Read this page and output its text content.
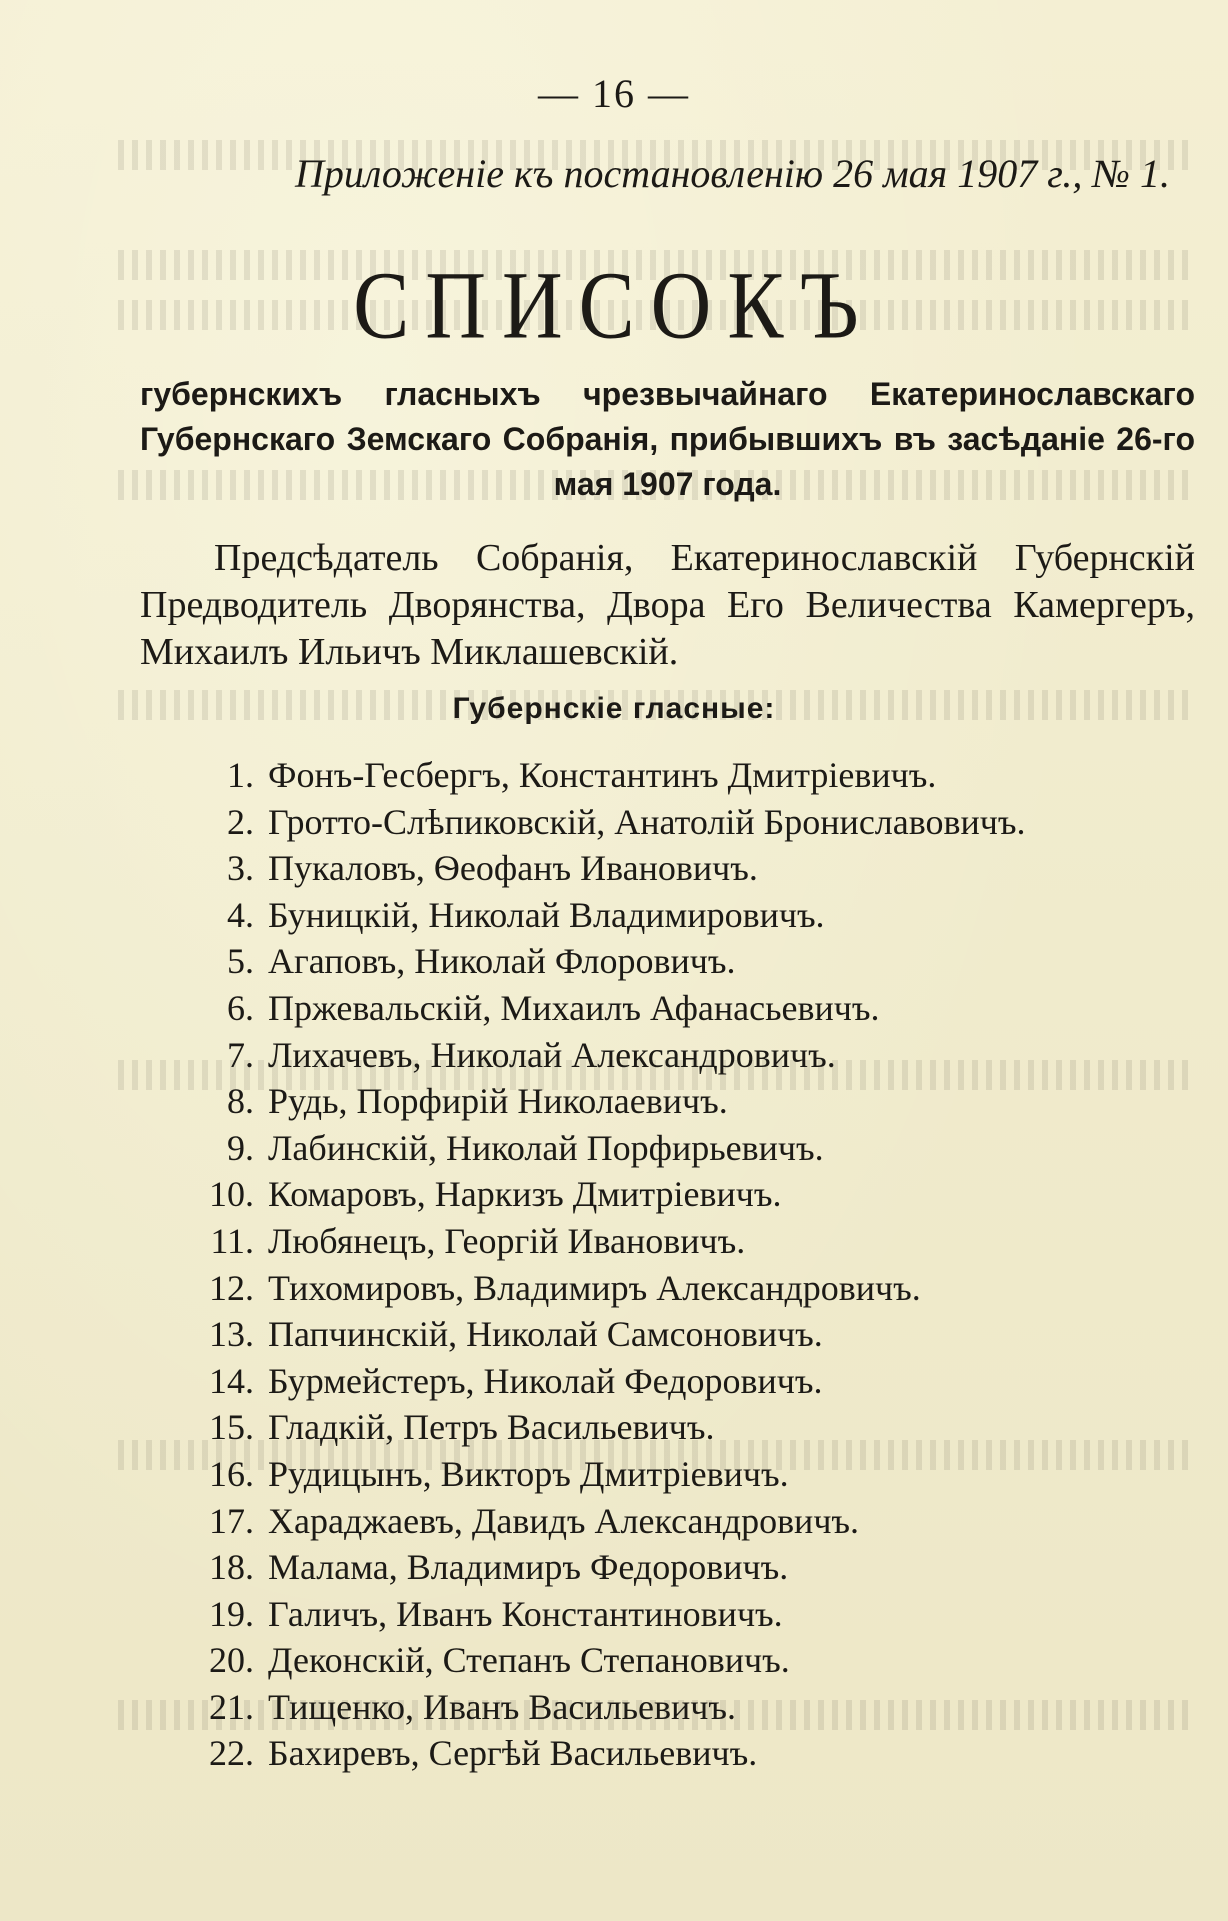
— 16 —
Приложеніе къ постановленію 26 мая 1907 г., № 1.
СПИСОКЪ
губернскихъ гласныхъ чрезвычайнаго Екатеринославскаго Губернскаго Земскаго Собранія, прибывшихъ въ засѣданіе 26-го мая 1907 года.
Предсѣдатель Собранія, Екатеринославскій Губернскій Предводитель Дворянства, Двора Его Величества Камергеръ, Михаилъ Ильичъ Миклашевскій.
Губернскіе гласные:
1. Фонъ-Гесбергъ, Константинъ Дмитріевичъ.
2. Гротто-Слѣпиковскій, Анатолій Брониславовичъ.
3. Пукаловъ, Ѳеофанъ Ивановичъ.
4. Буницкій, Николай Владимировичъ.
5. Агаповъ, Николай Флоровичъ.
6. Пржевальскій, Михаилъ Афанасьевичъ.
7. Лихачевъ, Николай Александровичъ.
8. Рудь, Порфирій Николаевичъ.
9. Лабинскій, Николай Порфирьевичъ.
10. Комаровъ, Наркизъ Дмитріевичъ.
11. Любянецъ, Георгій Ивановичъ.
12. Тихомировъ, Владимиръ Александровичъ.
13. Папчинскій, Николай Самсоновичъ.
14. Бурмейстеръ, Николай Федоровичъ.
15. Гладкій, Петръ Васильевичъ.
16. Рудицынъ, Викторъ Дмитріевичъ.
17. Хараджаевъ, Давидъ Александровичъ.
18. Малама, Владимиръ Федоровичъ.
19. Галичъ, Иванъ Константиновичъ.
20. Деконскій, Степанъ Степановичъ.
21. Тищенко, Иванъ Васильевичъ.
22. Бахиревъ, Сергѣй Васильевичъ.
